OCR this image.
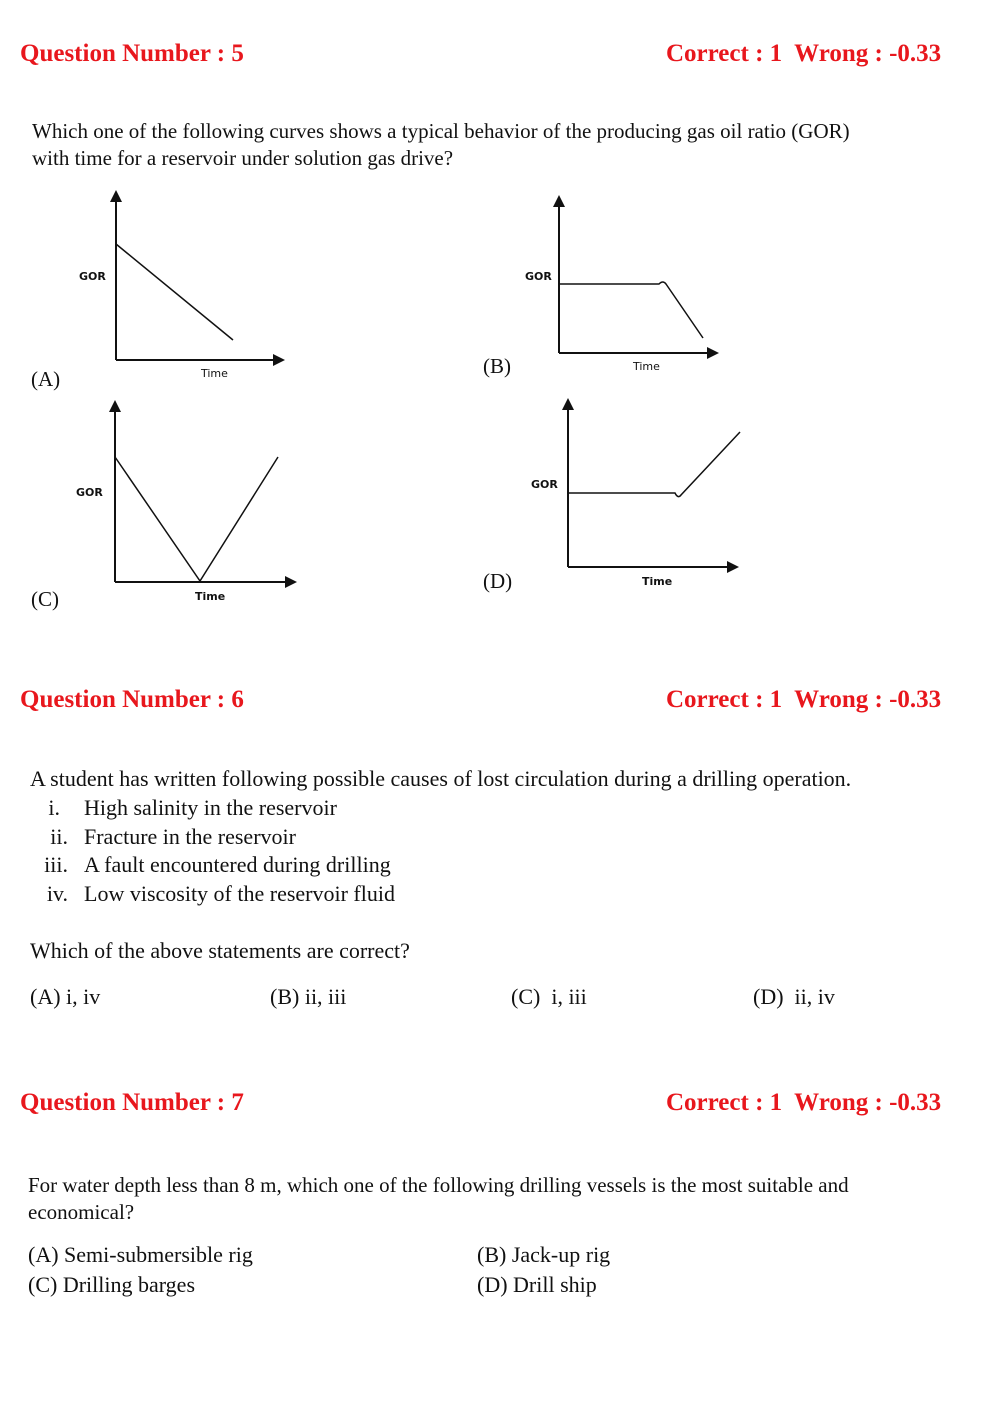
Question Number : 5	Correct : 1  Wrong : -0.33
Which one of the following curves shows a typical behavior of the producing gas oil ratio (GOR)
with time for a reservoir under solution gas drive?
GOR
Time
(A)
GOR
Time
(B)
GOR
Time
(C)
GOR
Time
(D)
Question Number : 6	Correct : 1  Wrong : -0.33
A student has written following possible causes of lost circulation during a drilling operation.
i. High salinity in the reservoir
ii. Fracture in the reservoir
iii. A fault encountered during drilling
iv. Low viscosity of the reservoir fluid
Which of the above statements are correct?
(A) i, iv	(B) ii, iii	(C)  i, iii	(D)  ii, iv
Question Number : 7	Correct : 1  Wrong : -0.33
For water depth less than 8 m, which one of the following drilling vessels is the most suitable and
economical?
(A) Semi-submersible rig	(B) Jack-up rig
(C) Drilling barges	(D) Drill ship
